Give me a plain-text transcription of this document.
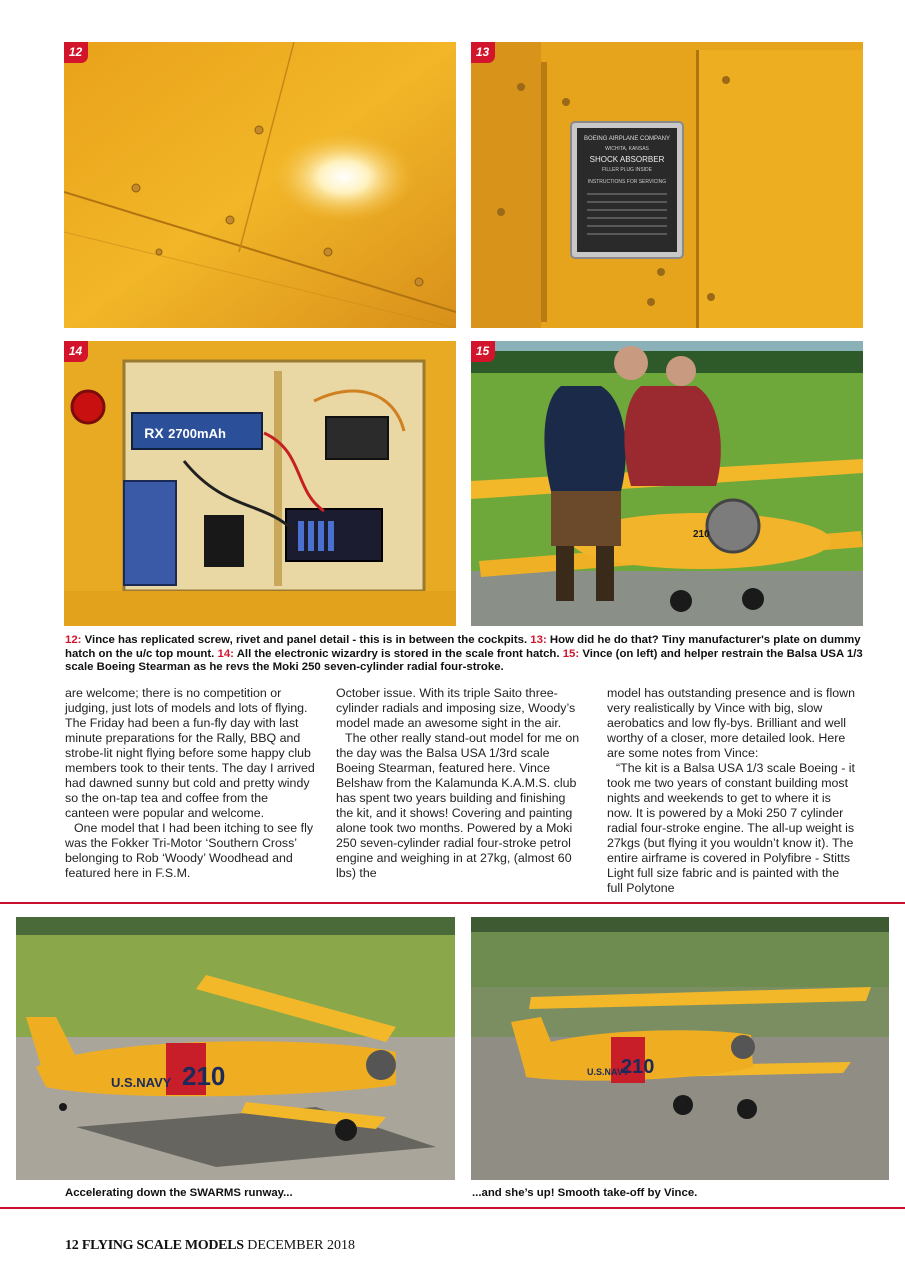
12	13
BOEING AIRPLANE COMPANY
WICHITA, KANSAS
SHOCK ABSORBER
FILLER PLUG INSIDE
INSTRUCTIONS FOR SERVICING
14
2700mAh
RX
15
210
12: Vince has replicated screw, rivet and panel detail - this is in between the cockpits. 13: How did he do that? Tiny manufacturer's plate on dummy hatch on the u/c top mount. 14: All the electronic wizardry is stored in the scale front hatch. 15: Vince (on left) and helper restrain the Balsa USA 1/3 scale Boeing Stearman as he revs the Moki 250 seven-cylinder radial four-stroke.

are welcome; there is no competition or judging, just lots of models and lots of flying. The Friday had been a fun-fly day with last minute preparations for the Rally, BBQ and strobe-lit night flying before some happy club members took to their tents. The day I arrived had dawned sunny but cold and pretty windy so the on-tap tea and coffee from the canteen were popular and welcome.

One model that I had been itching to see fly was the Fokker Tri-Motor ‘Southern Cross’ belonging to Rob ‘Woody’ Woodhead and featured here in F.S.M.

October issue. With its triple Saito three-cylinder radials and imposing size, Woody’s model made an awesome sight in the air.

The other really stand-out model for me on the day was the Balsa USA 1/3rd scale Boeing Stearman, featured here. Vince Belshaw from the Kalamunda K.A.M.S. club has spent two years building and finishing the kit, and it shows! Covering and painting alone took two months. Powered by a Moki 250 seven-cylinder radial four-stroke petrol engine and weighing in at 27kg, (almost 60 lbs) the

model has outstanding presence and is flown very realistically by Vince with big, slow aerobatics and low fly-bys. Brilliant and well worthy of a closer, more detailed look. Here are some notes from Vince:

“The kit is a Balsa USA 1/3 scale Boeing - it took me two years of constant building most nights and weekends to get to where it is now. It is powered by a Moki 250 7 cylinder radial four-stroke engine. The all-up weight is 27kgs (but flying it you wouldn’t know it). The entire airframe is covered in Polyfibre - Stitts Light full size fabric and is painted with the full Polytone

U.S.NAVY 210	U.S.NAVY
210
Accelerating down the SWARMS runway...	...and she’s up! Smooth take-off by Vince.
12 FLYING SCALE MODELS DECEMBER 2018
